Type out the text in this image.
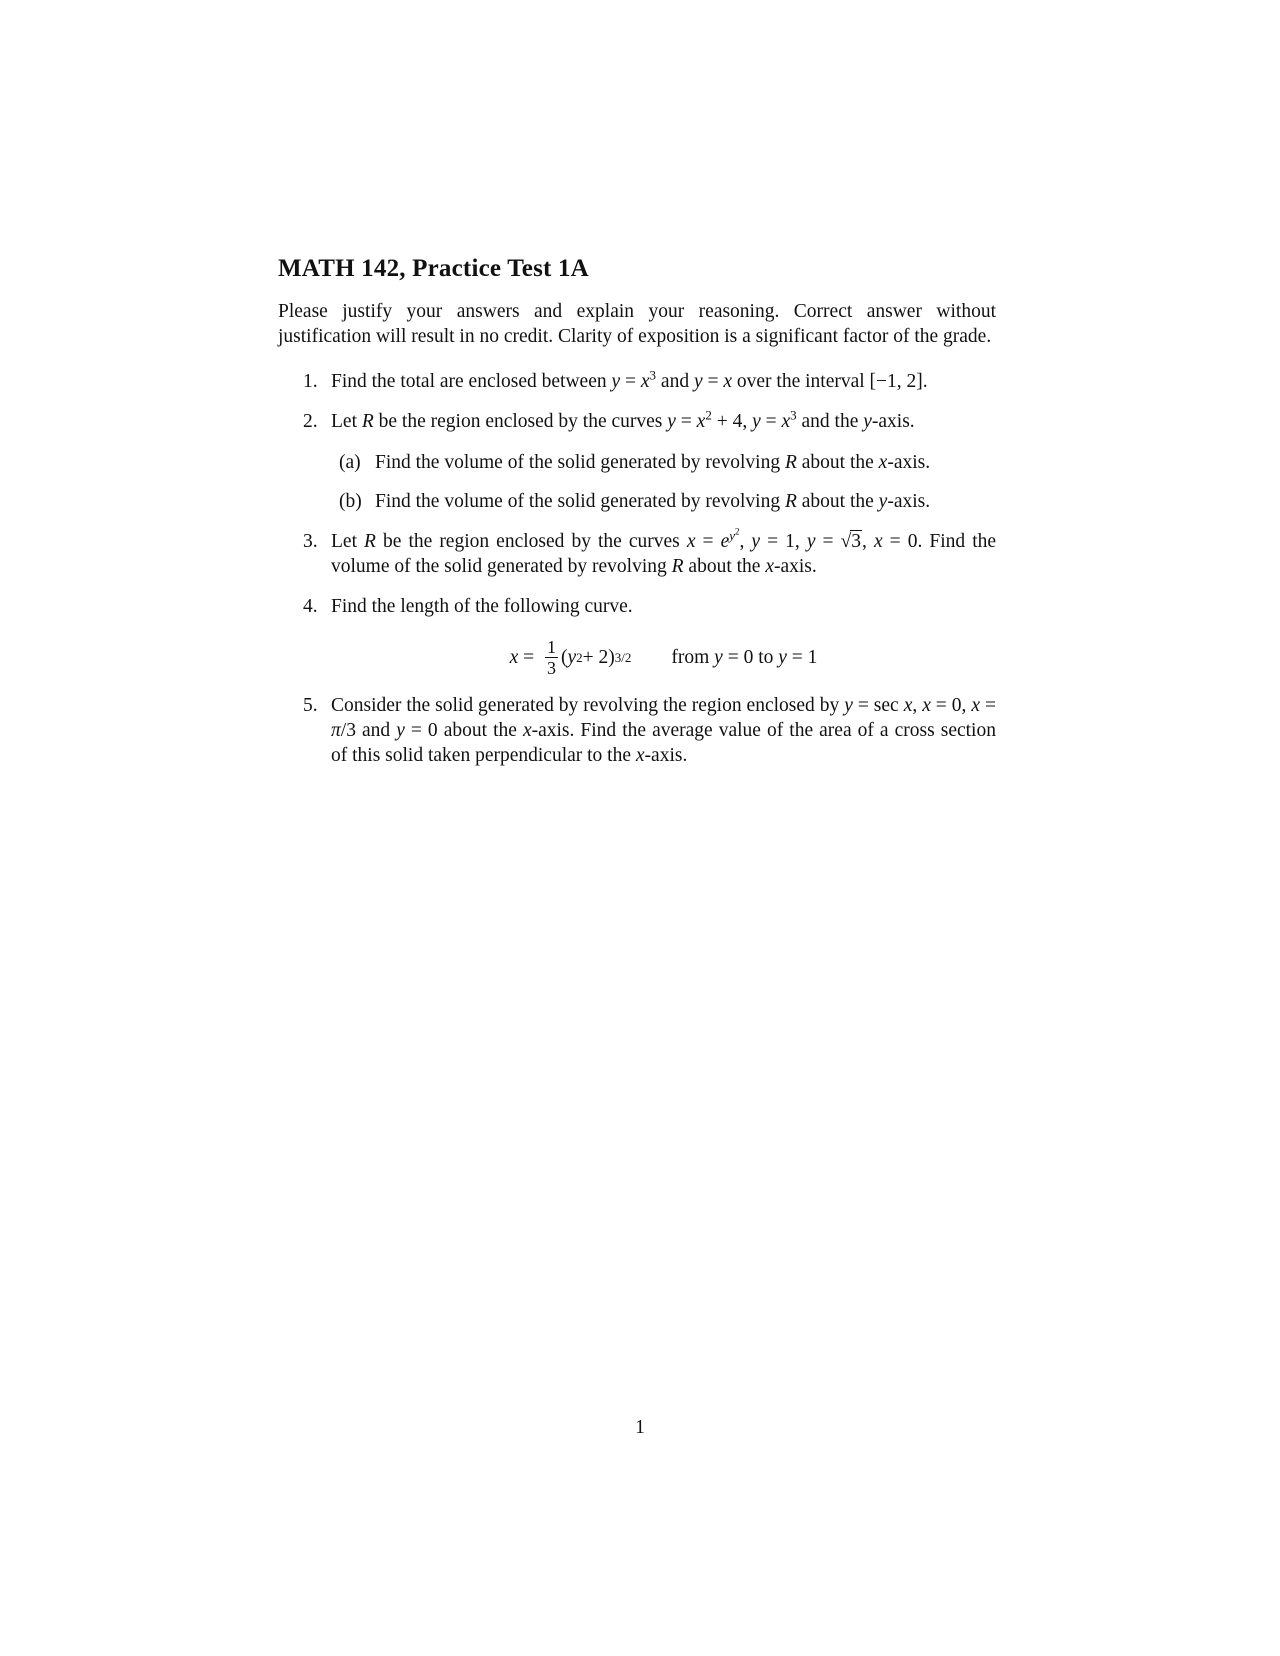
MATH 142, Practice Test 1A

Please justify your answers and explain your reasoning. Correct answer without justification will result in no credit. Clarity of exposition is a significant factor of the grade.

1. Find the total are enclosed between $y = x^3$ and y = x over the interval [−1, 2].
2. Let R be the region enclosed by the curves $y = x^2 + 4$, $y = x^3$ and the y-axis.
(a) Find the volume of the solid generated by revolving R about the x-axis.
(b) Find the volume of the solid generated by revolving R about the y-axis.
3. Let R be the region enclosed by the curves $x = e^{y^2}$, y = 1, y = √3, x = 0. Find the volume of the solid generated by revolving R about the x-axis.
4. Find the length of the following curve.
$x = \frac{1}{3}$ ( y 2 + 2) 3/2 from y = 0 to y = 1
5. Consider the solid generated by revolving the region enclosed by y = sec x, x = 0, x = π/3 and y = 0 about the x-axis. Find the average value of the area of a cross section of this solid taken perpendicular to the x-axis.
1
